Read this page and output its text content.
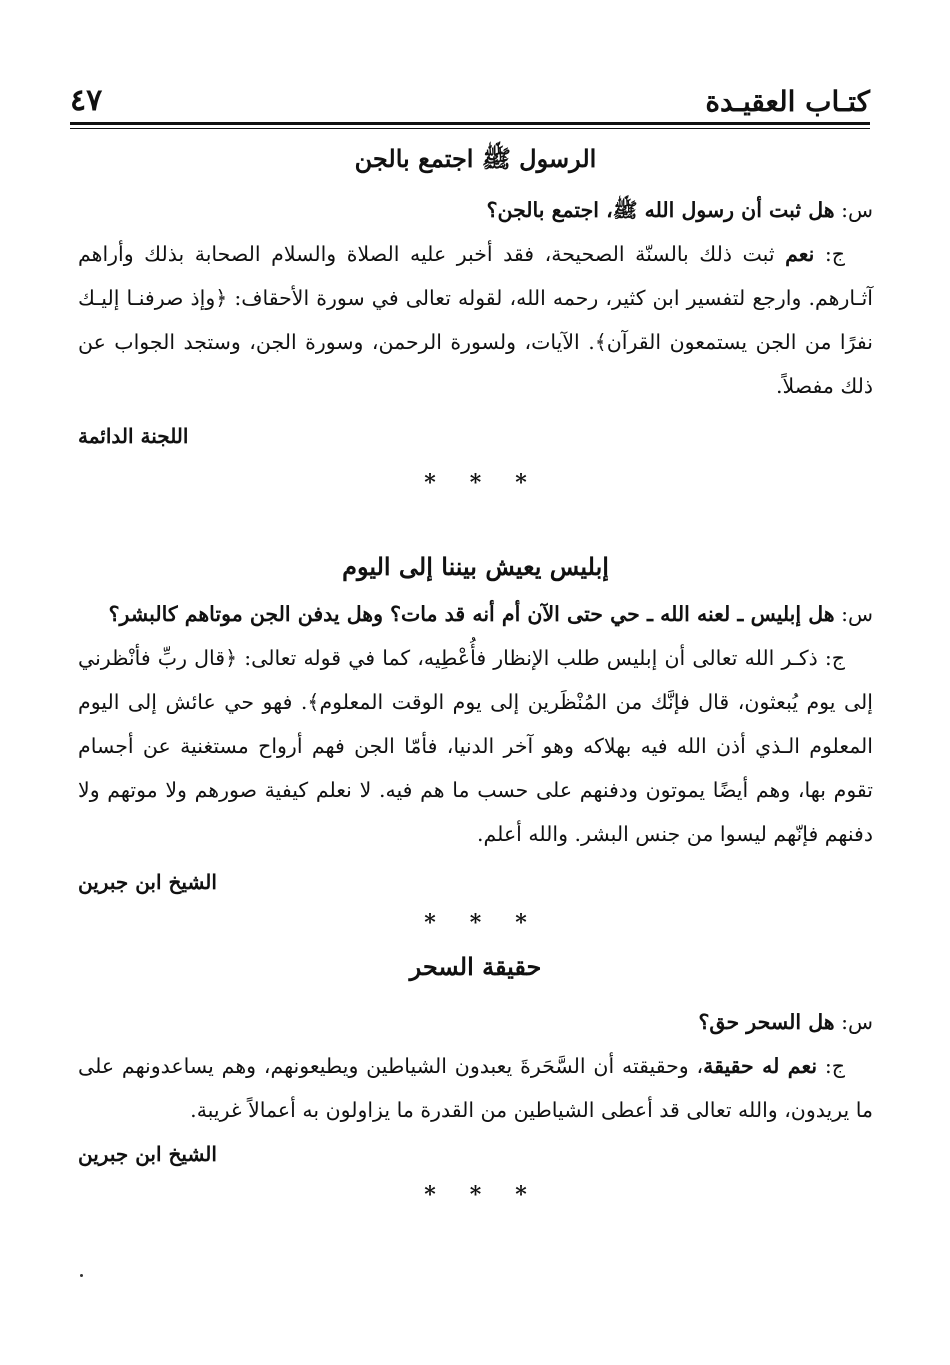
كتـاب العقيـدة
٤٧
الرسول ﷺ اجتمع بالجن

س: هل ثبت أن رسول الله ﷺ، اجتمع بالجن؟

ج: نعم ثبت ذلك بالسنّة الصحيحة، فقد أخبر عليه الصلاة والسلام الصحابة بذلك وأراهم آثـارهم. وارجع لتفسير ابن كثير، رحمه الله، لقوله تعالى في سورة الأحقاف: ﴿وإذ صرفنـا إليـك نفرًا من الجن يستمعون القرآن﴾. الآيات، ولسورة الرحمن، وسورة الجن، وستجد الجواب عن ذلك مفصلاً.

اللجنة الدائمة

***

إبليس يعيش بيننا إلى اليوم

س: هل إبليس ـ لعنه الله ـ حي حتى الآن أم أنه قد مات؟ وهل يدفن الجن موتاهم كالبشر؟

ج: ذكـر الله تعالى أن إبليس طلب الإنظار فأُعْطِيه، كما في قوله تعالى: ﴿قال ربِّ فأنْظرني إلى يوم يُبعثون، قال فإنَّك من المُنْظَرين إلى يوم الوقت المعلوم﴾. فهو حي عائش إلى اليوم المعلوم الـذي أذن الله فيه بهلاكه وهو آخر الدنيا، فأمّا الجن فهم أرواح مستغنية عن أجسام تقوم بها، وهم أيضًا يموتون ودفنهم على حسب ما هم فيه. لا نعلم كيفية صورهم ولا موتهم ولا دفنهم فإنّهم ليسوا من جنس البشر. والله أعلم.

الشيخ ابن جبرين

***

حقيقة السحر

س: هل السحر حق؟

ج: نعم له حقيقة، وحقيقته أن السَّحَرةَ يعبدون الشياطين ويطيعونهم، وهم يساعدونهم على ما يريدون، والله تعالى قد أعطى الشياطين من القدرة ما يزاولون به أعمالاً غريبة.

الشيخ ابن جبرين

***
